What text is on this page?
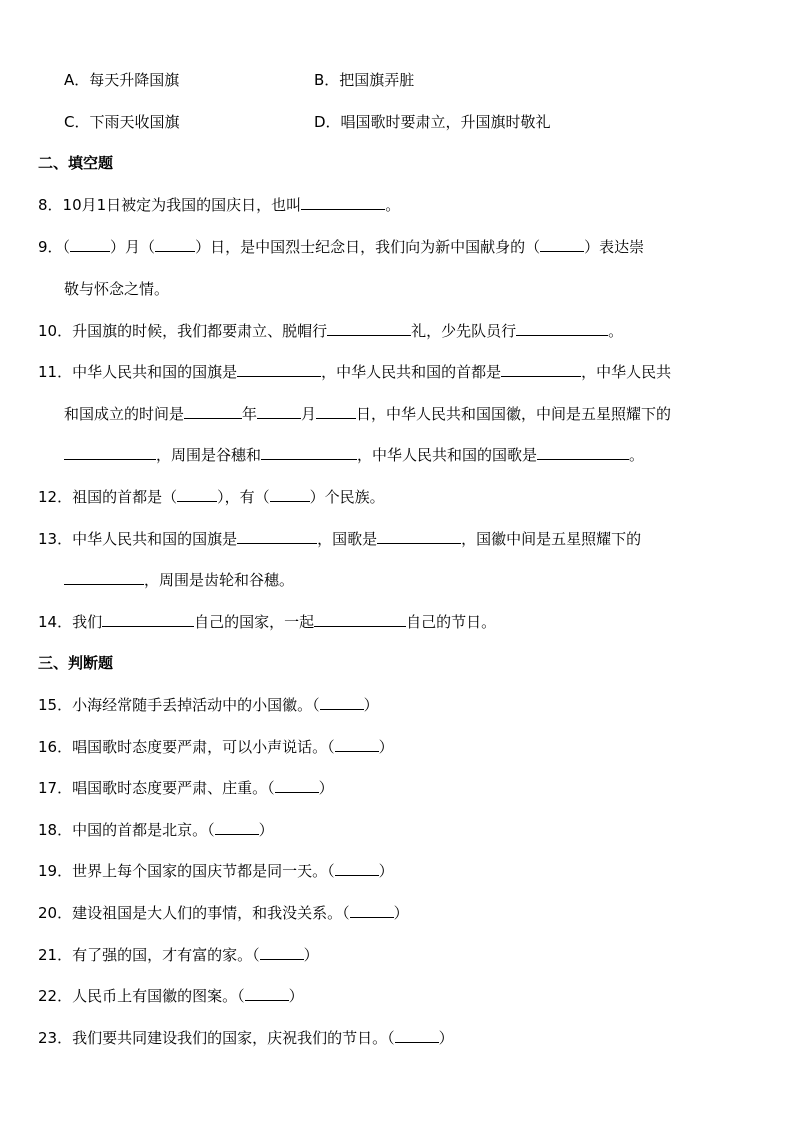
A．每天升降国旗	B．把国旗弄脏
C．下雨天收国旗	D．唱国歌时要肃立，升国旗时敬礼
二、填空题
8．10月1日被定为我国的国庆日，也叫	。
9．（	）月（	）日，是中国烈士纪念日，我们向为新中国献身的（	）表达崇
敬与怀念之情。
10．升国旗的时候，我们都要肃立、脱帽行	礼，少先队员行	。
11．中华人民共和国的国旗是	，中华人民共和国的首都是	，中华人民共
和国成立的时间是	年	月	日，中华人民共和国国徽，中间是五星照耀下的
，周围是谷穗和	，中华人民共和国的国歌是	。
12．祖国的首都是（	），有（	）个民族。
13．中华人民共和国的国旗是	，国歌是	，国徽中间是五星照耀下的
，周围是齿轮和谷穗。
14．我们	自己的国家，一起	自己的节日。
三、判断题
15．小海经常随手丢掉活动中的小国徽。（	）
16．唱国歌时态度要严肃，可以小声说话。（	）
17．唱国歌时态度要严肃、庄重。（	）
18．中国的首都是北京。（	）
19．世界上每个国家的国庆节都是同一天。（	）
20．建设祖国是大人们的事情，和我没关系。（	）
21．有了强的国，才有富的家。（	）
22．人民币上有国徽的图案。（	）
23．我们要共同建设我们的国家，庆祝我们的节日。（	）
